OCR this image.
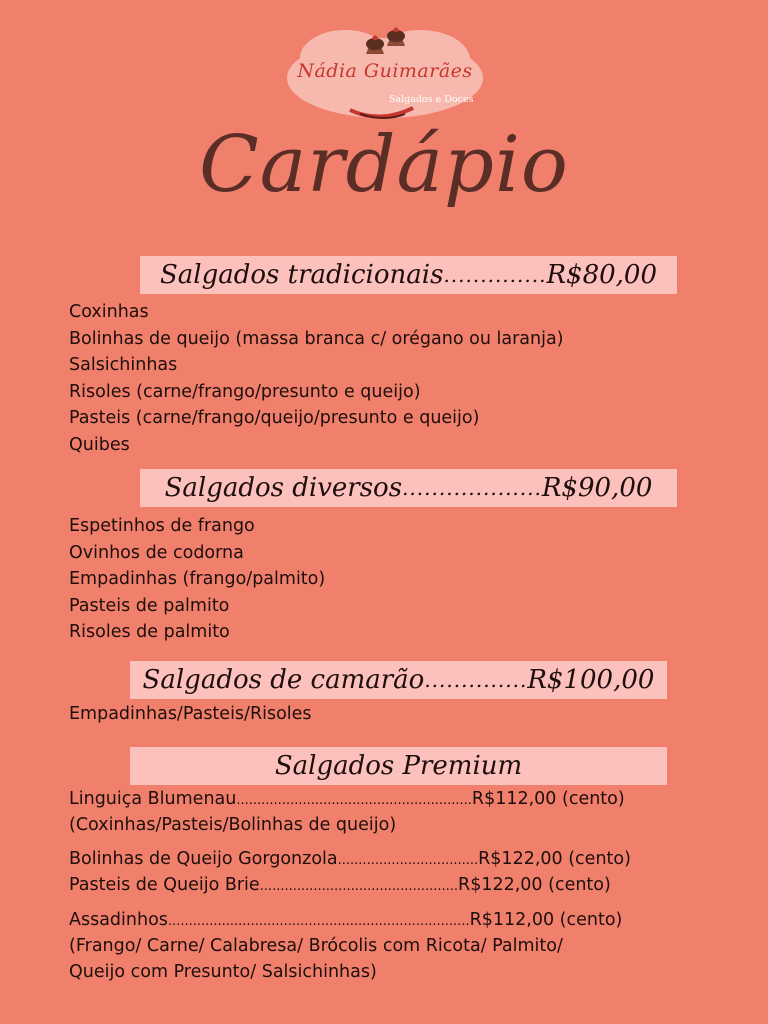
Nádia Guimarães
Salgados e Doces
Cardápio
Salgados tradicionais .............. R$80,00
Coxinhas
Bolinhas de queijo (massa branca c/ orégano ou laranja)
Salsichinhas
Risoles (carne/frango/presunto e queijo)
Pasteis (carne/frango/queijo/presunto e queijo)
Quibes
Salgados diversos ................... R$90,00
Espetinhos de frango
Ovinhos de codorna
Empadinhas (frango/palmito)
Pasteis de palmito
Risoles de palmito
Salgados de camarão .............. R$100,00
Empadinhas/Pasteis/Risoles
Salgados Premium
Linguiça Blumenau.........................................................R$112,00 (cento)
(Coxinhas/Pasteis/Bolinhas de queijo)
Bolinhas de Queijo Gorgonzola..................................R$122,00 (cento)
Pasteis de Queijo Brie................................................R$122,00 (cento)
Assadinhos.........................................................................R$112,00 (cento)
(Frango/ Carne/ Calabresa/ Brócolis com Ricota/ Palmito/
Queijo com Presunto/ Salsichinhas)
